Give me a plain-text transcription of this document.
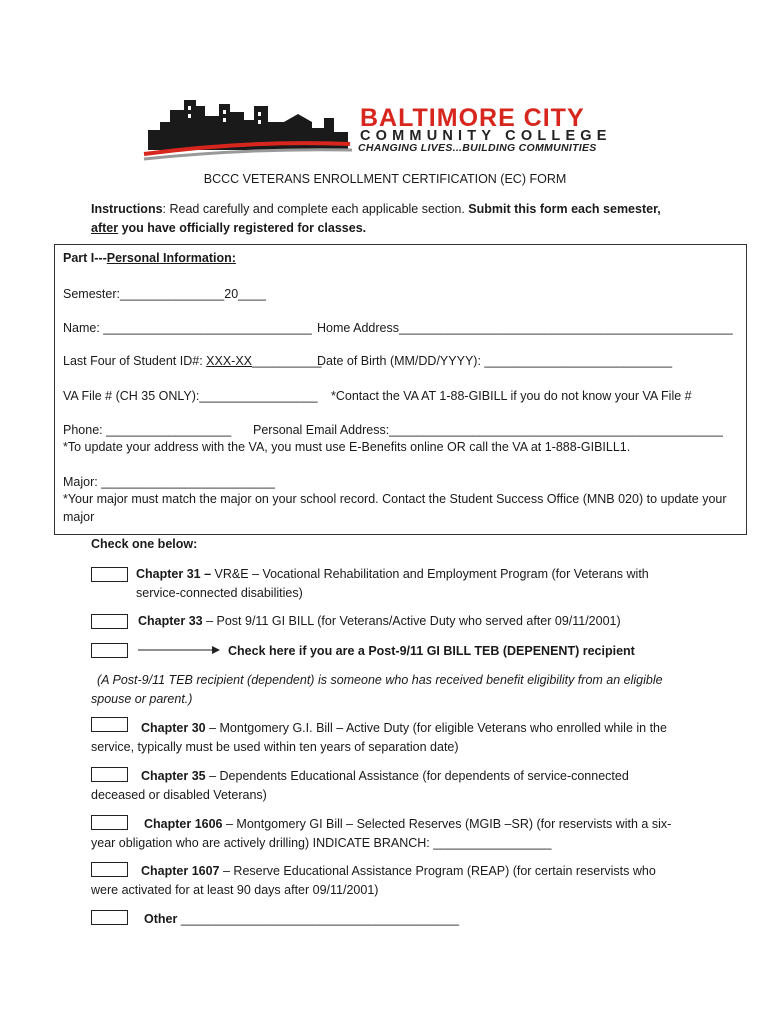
BALTIMORE CITY
COMMUNITY COLLEGE
CHANGING LIVES...BUILDING COMMUNITIES
BCCC VETERANS ENROLLMENT CERTIFICATION (EC) FORM
Instructions: Read carefully and complete each applicable section. Submit this form each semester,
after you have officially registered for classes.
Part I---Personal Information:
Semester:_______________20____
Name: ______________________________ Home Address________________________________________________
Last Four of Student ID#: XXX-XX__________
Date of Birth (MM/DD/YYYY): ___________________________
VA File # (CH 35 ONLY):_________________ *Contact the VA AT 1-88-GIBILL if you do not know your VA File #
Phone: __________________ Personal Email Address:________________________________________________
*To update your address with the VA, you must use E-Benefits online OR call the VA at 1-888-GIBILL1.
Major: _________________________
*Your major must match the major on your school record. Contact the Student Success Office (MNB 020) to update your
major
Check one below:
Chapter 31 – VR&E – Vocational Rehabilitation and Employment Program (for Veterans with
service-connected disabilities)
Chapter 33 – Post 9/11 GI BILL (for Veterans/Active Duty who served after 09/11/2001)
Check here if you are a Post-9/11 GI BILL TEB (DEPENENT) recipient
(A Post-9/11 TEB recipient (dependent) is someone who has received benefit eligibility from an eligible
spouse or parent.)
Chapter 30 – Montgomery G.I. Bill – Active Duty (for eligible Veterans who enrolled while in the
service, typically must be used within ten years of separation date)
Chapter 35 – Dependents Educational Assistance (for dependents of service-connected
deceased or disabled Veterans)
Chapter 1606 – Montgomery GI Bill – Selected Reserves (MGIB –SR) (for reservists with a six-
year obligation who are actively drilling) INDICATE BRANCH: _________________
Chapter 1607 – Reserve Educational Assistance Program (REAP) (for certain reservists who
were activated for at least 90 days after 09/11/2001)
Other ________________________________________
